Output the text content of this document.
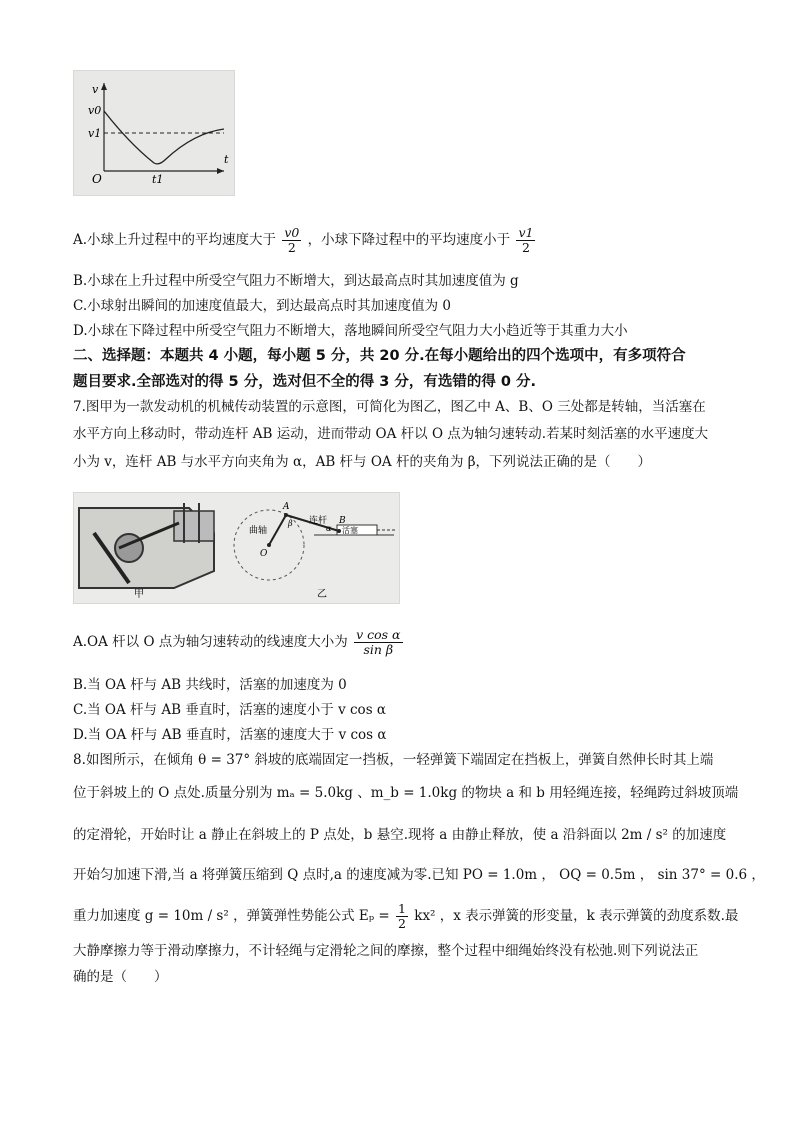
v
t
v0
v1
O	t1
A.小球上升过程中的平均速度大于 $\frac{v0}{2}$ ，小球下降过程中的平均速度小于 $\frac{v1}{2}$
B.小球在上升过程中所受空气阻力不断增大，到达最高点时其加速度值为 g
C.小球射出瞬间的加速度值最大，到达最高点时其加速度值为 0
D.小球在下降过程中所受空气阻力不断增大，落地瞬间所受空气阻力大小趋近等于其重力大小
二、选择题：本题共 4 小题，每小题 5 分，共 20 分.在每小题给出的四个选项中，有多项符合
题目要求.全部选对的得 5 分，选对但不全的得 3 分，有选错的得 0 分.
7.图甲为一款发动机的机械传动装置的示意图，可简化为图乙，图乙中 A、B、O 三处都是转轴，当活塞在
水平方向上移动时，带动连杆 AB 运动，进而带动 OA 杆以 O 点为轴匀速转动.若某时刻活塞的水平速度大
小为 v，连杆 AB 与水平方向夹角为 α，AB 杆与 OA 杆的夹角为 β，下列说法正确的是（　　）
甲
曲轴
连杆
活塞
A
B
O
α
β
乙
A.OA 杆以 O 点为轴匀速转动的线速度大小为 $\frac{\text{v cos α}}{\text{sin β}}$
B.当 OA 杆与 AB 共线时，活塞的加速度为 0
C.当 OA 杆与 AB 垂直时，活塞的速度小于 v cos α
D.当 OA 杆与 AB 垂直时，活塞的速度大于 v cos α
8.如图所示，在倾角 θ = 37° 斜坡的底端固定一挡板，一轻弹簧下端固定在挡板上，弹簧自然伸长时其上端
位于斜坡上的 O 点处.质量分别为 mₐ = 5.0kg 、m_b = 1.0kg 的物块 a 和 b 用轻绳连接，轻绳跨过斜坡顶端
的定滑轮，开始时让 a 静止在斜坡上的 P 点处，b 悬空.现将 a 由静止释放，使 a 沿斜面以 2m / s² 的加速度
开始匀加速下滑,当 a 将弹簧压缩到 Q 点时,a 的速度减为零.已知 PO = 1.0m ， OQ = 0.5m ， sin 37° = 0.6 ，
重力加速度 g = 10m / s² ，弹簧弹性势能公式 $E_p = \frac{1}{2} kx^2$ ，x 表示弹簧的形变量，k 表示弹簧的劲度系数.最
大静摩擦力等于滑动摩擦力，不计轻绳与定滑轮之间的摩擦，整个过程中细绳始终没有松弛.则下列说法正
确的是（　　）
